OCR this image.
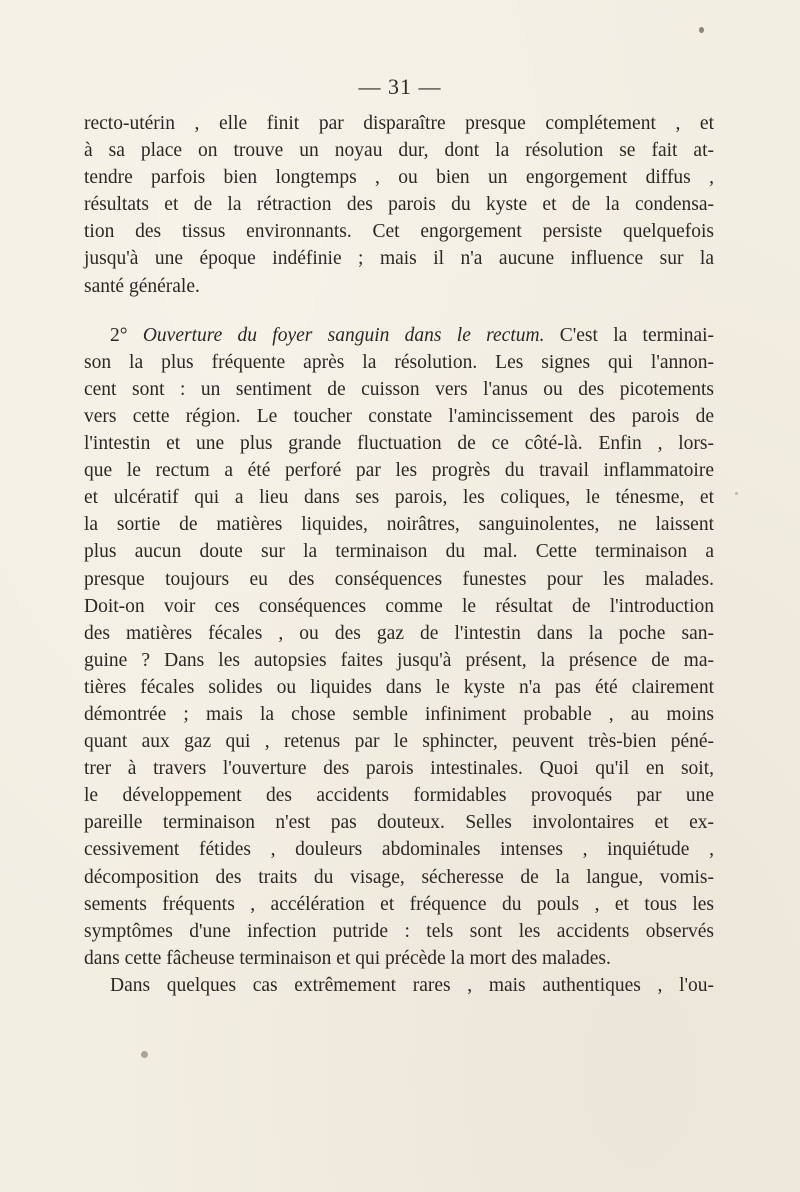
— 31 —
recto-utérin , elle finit par disparaître presque complétement , et
à sa place on trouve un noyau dur, dont la résolution se fait at-
tendre parfois bien longtemps , ou bien un engorgement diffus ,
résultats et de la rétraction des parois du kyste et de la condensa-
tion des tissus environnants. Cet engorgement persiste quelquefois
jusqu'à une époque indéfinie ; mais il n'a aucune influence sur la
santé générale.
2° Ouverture du foyer sanguin dans le rectum. C'est la terminai-
son la plus fréquente après la résolution. Les signes qui l'annon-
cent sont : un sentiment de cuisson vers l'anus ou des picotements
vers cette région. Le toucher constate l'amincissement des parois de
l'intestin et une plus grande fluctuation de ce côté-là. Enfin , lors-
que le rectum a été perforé par les progrès du travail inflammatoire
et ulcératif qui a lieu dans ses parois, les coliques, le ténesme, et
la sortie de matières liquides, noirâtres, sanguinolentes, ne laissent
plus aucun doute sur la terminaison du mal. Cette terminaison a
presque toujours eu des conséquences funestes pour les malades.
Doit-on voir ces conséquences comme le résultat de l'introduction
des matières fécales , ou des gaz de l'intestin dans la poche san-
guine ? Dans les autopsies faites jusqu'à présent, la présence de ma-
tières fécales solides ou liquides dans le kyste n'a pas été clairement
démontrée ; mais la chose semble infiniment probable , au moins
quant aux gaz qui , retenus par le sphincter, peuvent très-bien péné-
trer à travers l'ouverture des parois intestinales. Quoi qu'il en soit,
le développement des accidents formidables provoqués par une
pareille terminaison n'est pas douteux. Selles involontaires et ex-
cessivement fétides , douleurs abdominales intenses , inquiétude ,
décomposition des traits du visage, sécheresse de la langue, vomis-
sements fréquents , accélération et fréquence du pouls , et tous les
symptômes d'une infection putride : tels sont les accidents observés
dans cette fâcheuse terminaison et qui précède la mort des malades.
Dans quelques cas extrêmement rares , mais authentiques , l'ou-
